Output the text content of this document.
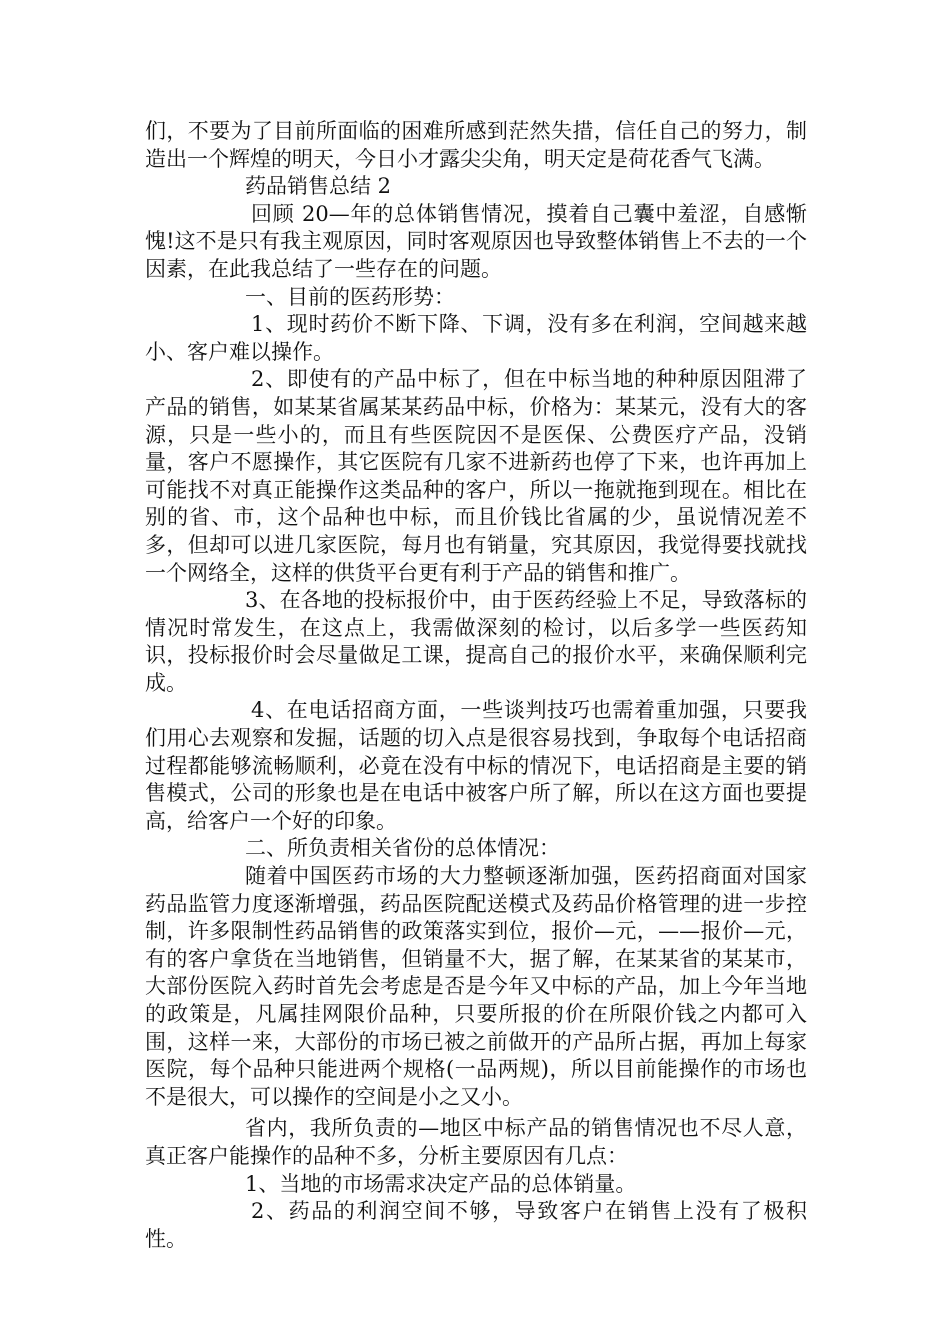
们，不要为了目前所面临的困难所感到茫然失措，信任自己的努力，制造出一个辉煌的明天，今日小才露尖尖角，明天定是荷花香气飞满。

药品销售总结 2

回顾 20—年的总体销售情况，摸着自己囊中羞涩，自感惭愧!这不是只有我主观原因，同时客观原因也导致整体销售上不去的一个因素，在此我总结了一些存在的问题。

一、目前的医药形势：

1、现时药价不断下降、下调，没有多在利润，空间越来越小、客户难以操作。

2、即使有的产品中标了，但在中标当地的种种原因阻滞了产品的销售，如某某省属某某药品中标，价格为：某某元，没有大的客源，只是一些小的，而且有些医院因不是医保、公费医疗产品，没销量，客户不愿操作，其它医院有几家不进新药也停了下来，也许再加上可能找不对真正能操作这类品种的客户，所以一拖就拖到现在。相比在别的省、市，这个品种也中标，而且价钱比省属的少，虽说情况差不多，但却可以进几家医院，每月也有销量，究其原因，我觉得要找就找一个网络全，这样的供货平台更有利于产品的销售和推广。

3、在各地的投标报价中，由于医药经验上不足，导致落标的情况时常发生，在这点上，我需做深刻的检讨，以后多学一些医药知识，投标报价时会尽量做足工课，提高自己的报价水平，来确保顺利完成。

4、在电话招商方面，一些谈判技巧也需着重加强，只要我们用心去观察和发掘，话题的切入点是很容易找到，争取每个电话招商过程都能够流畅顺利，必竟在没有中标的情况下，电话招商是主要的销售模式，公司的形象也是在电话中被客户所了解，所以在这方面也要提高，给客户一个好的印象。

二、所负责相关省份的总体情况：

随着中国医药市场的大力整顿逐渐加强，医药招商面对国家药品监管力度逐渐增强，药品医院配送模式及药品价格管理的进一步控制，许多限制性药品销售的政策落实到位，报价—元，——报价—元，有的客户拿货在当地销售，但销量不大，据了解，在某某省的某某市，大部份医院入药时首先会考虑是否是今年又中标的产品，加上今年当地的政策是，凡属挂网限价品种，只要所报的价在所限价钱之内都可入围，这样一来，大部份的市场已被之前做开的产品所占据，再加上每家医院，每个品种只能进两个规格(一品两规)，所以目前能操作的市场也不是很大，可以操作的空间是小之又小。

省内，我所负责的—地区中标产品的销售情况也不尽人意，真正客户能操作的品种不多，分析主要原因有几点：

1、当地的市场需求决定产品的总体销量。

2、药品的利润空间不够，导致客户在销售上没有了极积性。
